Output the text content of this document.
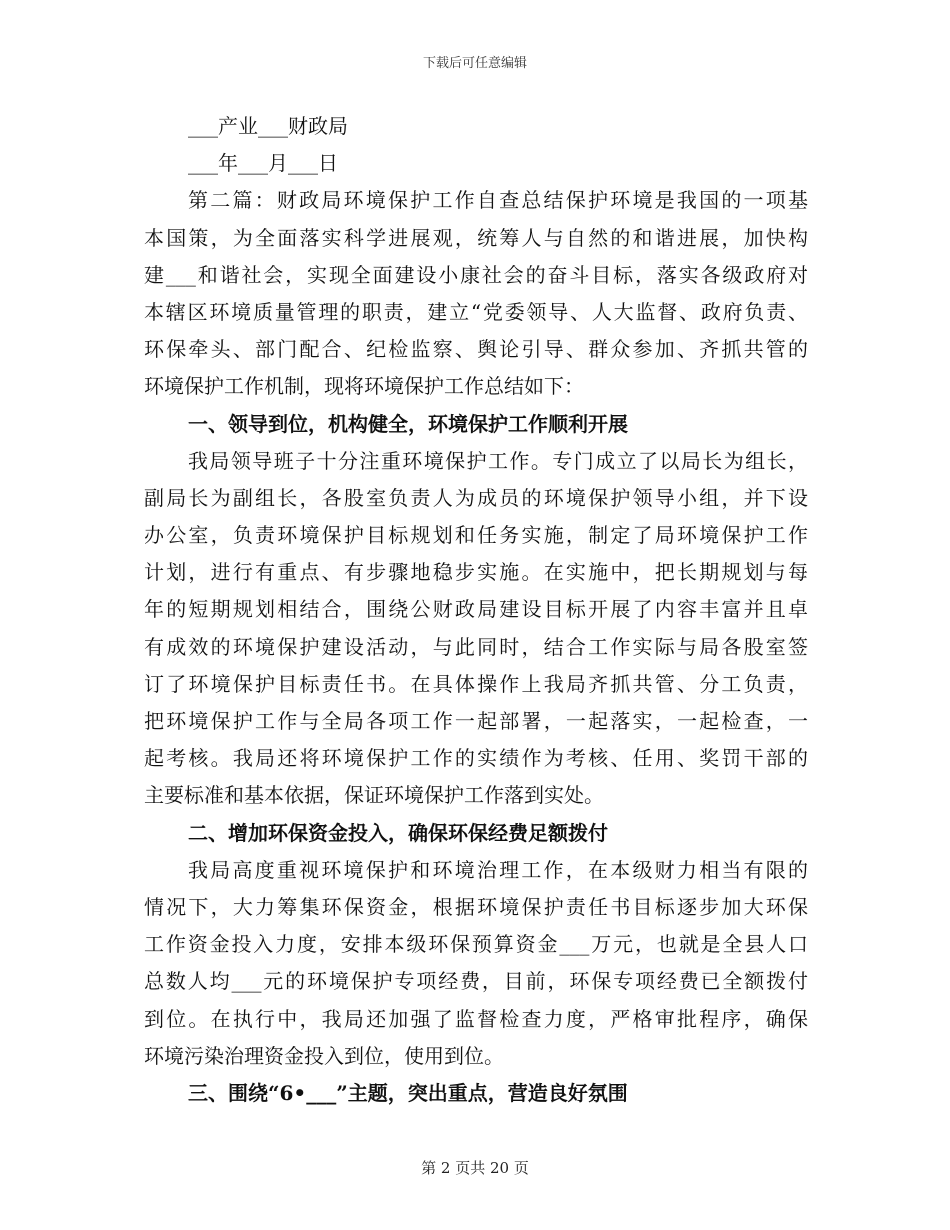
下载后可任意编辑
___产业___财政局
___年___月___日
第二篇：财政局环境保护工作自查总结保护环境是我国的一项基
本国策，为全面落实科学进展观，统筹人与自然的和谐进展，加快构
建___和谐社会，实现全面建设小康社会的奋斗目标，落实各级政府对
本辖区环境质量管理的职责，建立“党委领导、人大监督、政府负责、
环保牵头、部门配合、纪检监察、舆论引导、群众参加、齐抓共管的
环境保护工作机制，现将环境保护工作总结如下：
一、领导到位，机构健全，环境保护工作顺利开展
我局领导班子十分注重环境保护工作。专门成立了以局长为组长，
副局长为副组长，各股室负责人为成员的环境保护领导小组，并下设
办公室，负责环境保护目标规划和任务实施，制定了局环境保护工作
计划，进行有重点、有步骤地稳步实施。在实施中，把长期规划与每
年的短期规划相结合，围绕公财政局建设目标开展了内容丰富并且卓
有成效的环境保护建设活动，与此同时，结合工作实际与局各股室签
订了环境保护目标责任书。在具体操作上我局齐抓共管、分工负责，
把环境保护工作与全局各项工作一起部署，一起落实，一起检查，一
起考核。我局还将环境保护工作的实绩作为考核、任用、奖罚干部的
主要标准和基本依据，保证环境保护工作落到实处。
二、增加环保资金投入，确保环保经费足额拨付
我局高度重视环境保护和环境治理工作，在本级财力相当有限的
情况下，大力筹集环保资金，根据环境保护责任书目标逐步加大环保
工作资金投入力度，安排本级环保预算资金___万元，也就是全县人口
总数人均___元的环境保护专项经费，目前，环保专项经费已全额拨付
到位。在执行中，我局还加强了监督检查力度，严格审批程序，确保
环境污染治理资金投入到位，使用到位。
三、围绕“6•___”主题，突出重点，营造良好氛围
第 2 页共 20 页
